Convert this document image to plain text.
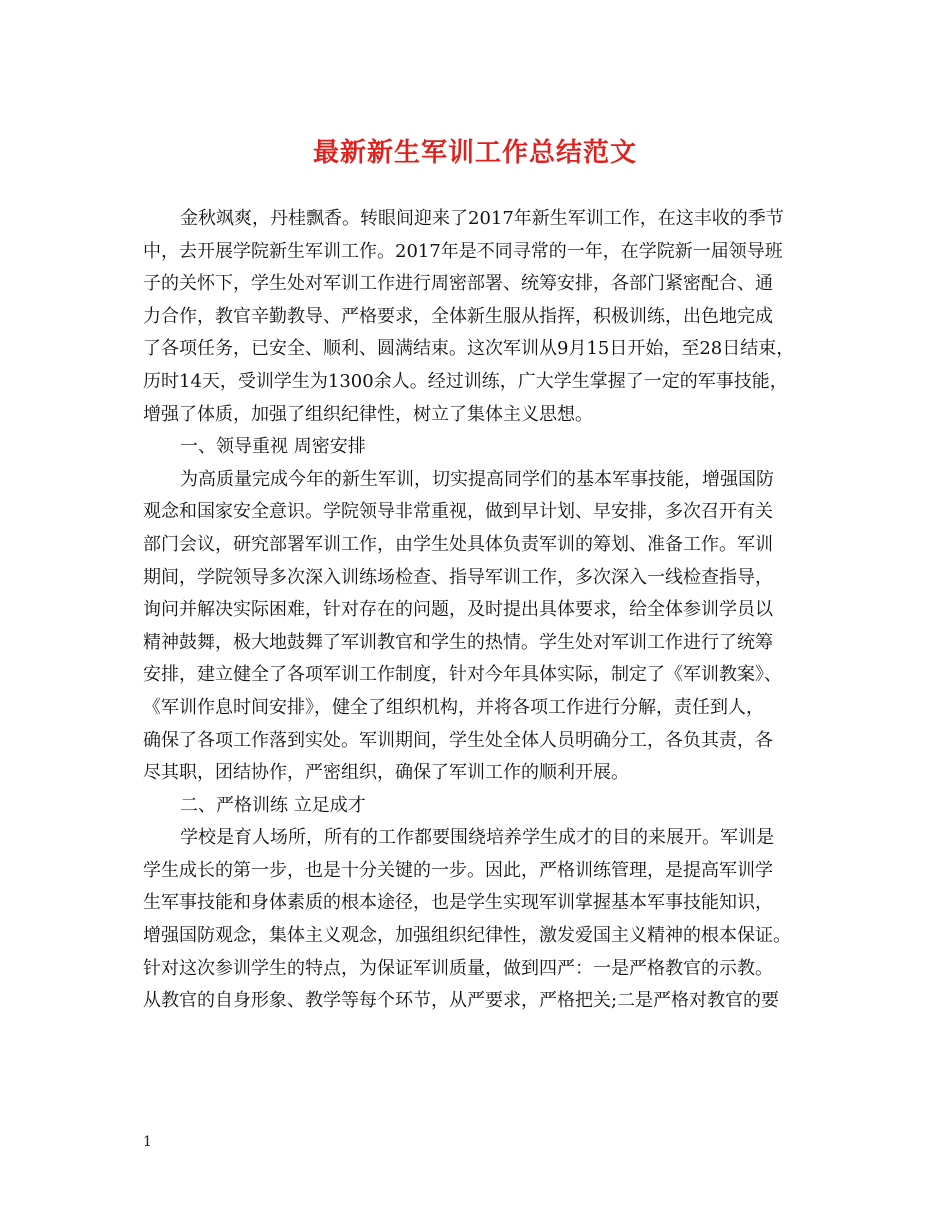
最新新生军训工作总结范文
金秋飒爽，丹桂飘香。转眼间迎来了2017年新生军训工作，在这丰收的季节
中，去开展学院新生军训工作。2017年是不同寻常的一年，在学院新一届领导班
子的关怀下，学生处对军训工作进行周密部署、统筹安排，各部门紧密配合、通
力合作，教官辛勤教导、严格要求，全体新生服从指挥，积极训练，出色地完成
了各项任务，已安全、顺利、圆满结束。这次军训从9月15日开始，至28日结束，
历时14天，受训学生为1300余人。经过训练，广大学生掌握了一定的军事技能，
增强了体质，加强了组织纪律性，树立了集体主义思想。
一、领导重视 周密安排
为高质量完成今年的新生军训，切实提高同学们的基本军事技能，增强国防
观念和国家安全意识。学院领导非常重视，做到早计划、早安排，多次召开有关
部门会议，研究部署军训工作，由学生处具体负责军训的筹划、准备工作。军训
期间，学院领导多次深入训练场检查、指导军训工作，多次深入一线检查指导，
询问并解决实际困难，针对存在的问题，及时提出具体要求，给全体参训学员以
精神鼓舞，极大地鼓舞了军训教官和学生的热情。学生处对军训工作进行了统筹
安排，建立健全了各项军训工作制度，针对今年具体实际，制定了《军训教案》、
《军训作息时间安排》，健全了组织机构，并将各项工作进行分解，责任到人，
确保了各项工作落到实处。军训期间，学生处全体人员明确分工，各负其责，各
尽其职，团结协作，严密组织，确保了军训工作的顺利开展。
二、严格训练 立足成才
学校是育人场所，所有的工作都要围绕培养学生成才的目的来展开。军训是
学生成长的第一步，也是十分关键的一步。因此，严格训练管理，是提高军训学
生军事技能和身体素质的根本途径，也是学生实现军训掌握基本军事技能知识，
增强国防观念，集体主义观念，加强组织纪律性，激发爱国主义精神的根本保证。
针对这次参训学生的特点，为保证军训质量，做到四严：一是严格教官的示教。
从教官的自身形象、教学等每个环节，从严要求，严格把关;二是严格对教官的要
1
